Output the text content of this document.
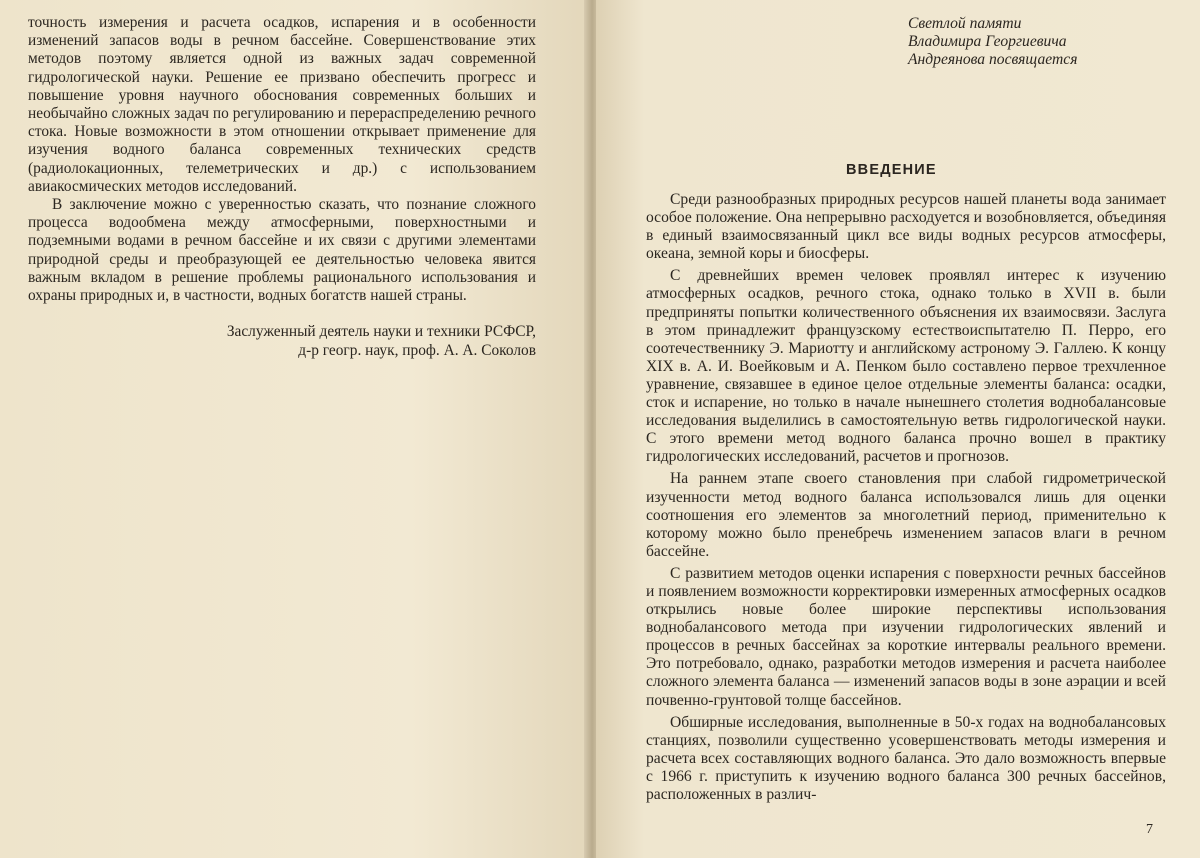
точность измерения и расчета осадков, испарения и в особенности изменений запасов воды в речном бассейне. Совершенствование этих методов поэтому является одной из важных задач современной гидрологической науки. Решение ее призвано обеспечить прогресс и повышение уровня научного обоснования современных больших и необычайно сложных задач по регулированию и перераспределению речного стока. Новые возможности в этом отношении открывает применение для изучения водного баланса современных технических средств (радиолокационных, телеметрических и др.) с использованием авиакосмических методов исследований.

В заключение можно с уверенностью сказать, что познание сложного процесса водообмена между атмосферными, поверхностными и подземными водами в речном бассейне и их связи с другими элементами природной среды и преобразующей ее деятельностью человека явится важным вкладом в решение проблемы рационального использования и охраны природных и, в частности, водных богатств нашей страны.

Заслуженный деятель науки и техники РСФСР,
д-р геогр. наук, проф. А. А. Соколов
Светлой памяти
Владимира Георгиевича
Андреянова посвящается
ВВЕДЕНИЕ

Среди разнообразных природных ресурсов нашей планеты вода занимает особое положение. Она непрерывно расходуется и возобновляется, объединяя в единый взаимосвязанный цикл все виды водных ресурсов атмосферы, океана, земной коры и биосферы.

С древнейших времен человек проявлял интерес к изучению атмосферных осадков, речного стока, однако только в XVII в. были предприняты попытки количественного объяснения их взаимосвязи. Заслуга в этом принадлежит французскому естествоиспытателю П. Перро, его соотечественнику Э. Мариотту и английскому астроному Э. Галлею. К концу XIX в. А. И. Воейковым и А. Пенком было составлено первое трехчленное уравнение, связавшее в единое целое отдельные элементы баланса: осадки, сток и испарение, но только в начале нынешнего столетия воднобалансовые исследования выделились в самостоятельную ветвь гидрологической науки. С этого времени метод водного баланса прочно вошел в практику гидрологических исследований, расчетов и прогнозов.

На раннем этапе своего становления при слабой гидрометрической изученности метод водного баланса использовался лишь для оценки соотношения его элементов за многолетний период, применительно к которому можно было пренебречь изменением запасов влаги в речном бассейне.

С развитием методов оценки испарения с поверхности речных бассейнов и появлением возможности корректировки измеренных атмосферных осадков открылись новые более широкие перспективы использования воднобалансового метода при изучении гидрологических явлений и процессов в речных бассейнах за короткие интервалы реального времени. Это потребовало, однако, разработки методов измерения и расчета наиболее сложного элемента баланса — изменений запасов воды в зоне аэрации и всей почвенно-грунтовой толще бассейнов.

Обширные исследования, выполненные в 50-х годах на воднобалансовых станциях, позволили существенно усовершенствовать методы измерения и расчета всех составляющих водного баланса. Это дало возможность впервые с 1966 г. приступить к изучению водного баланса 300 речных бассейнов, расположенных в различ-

7
